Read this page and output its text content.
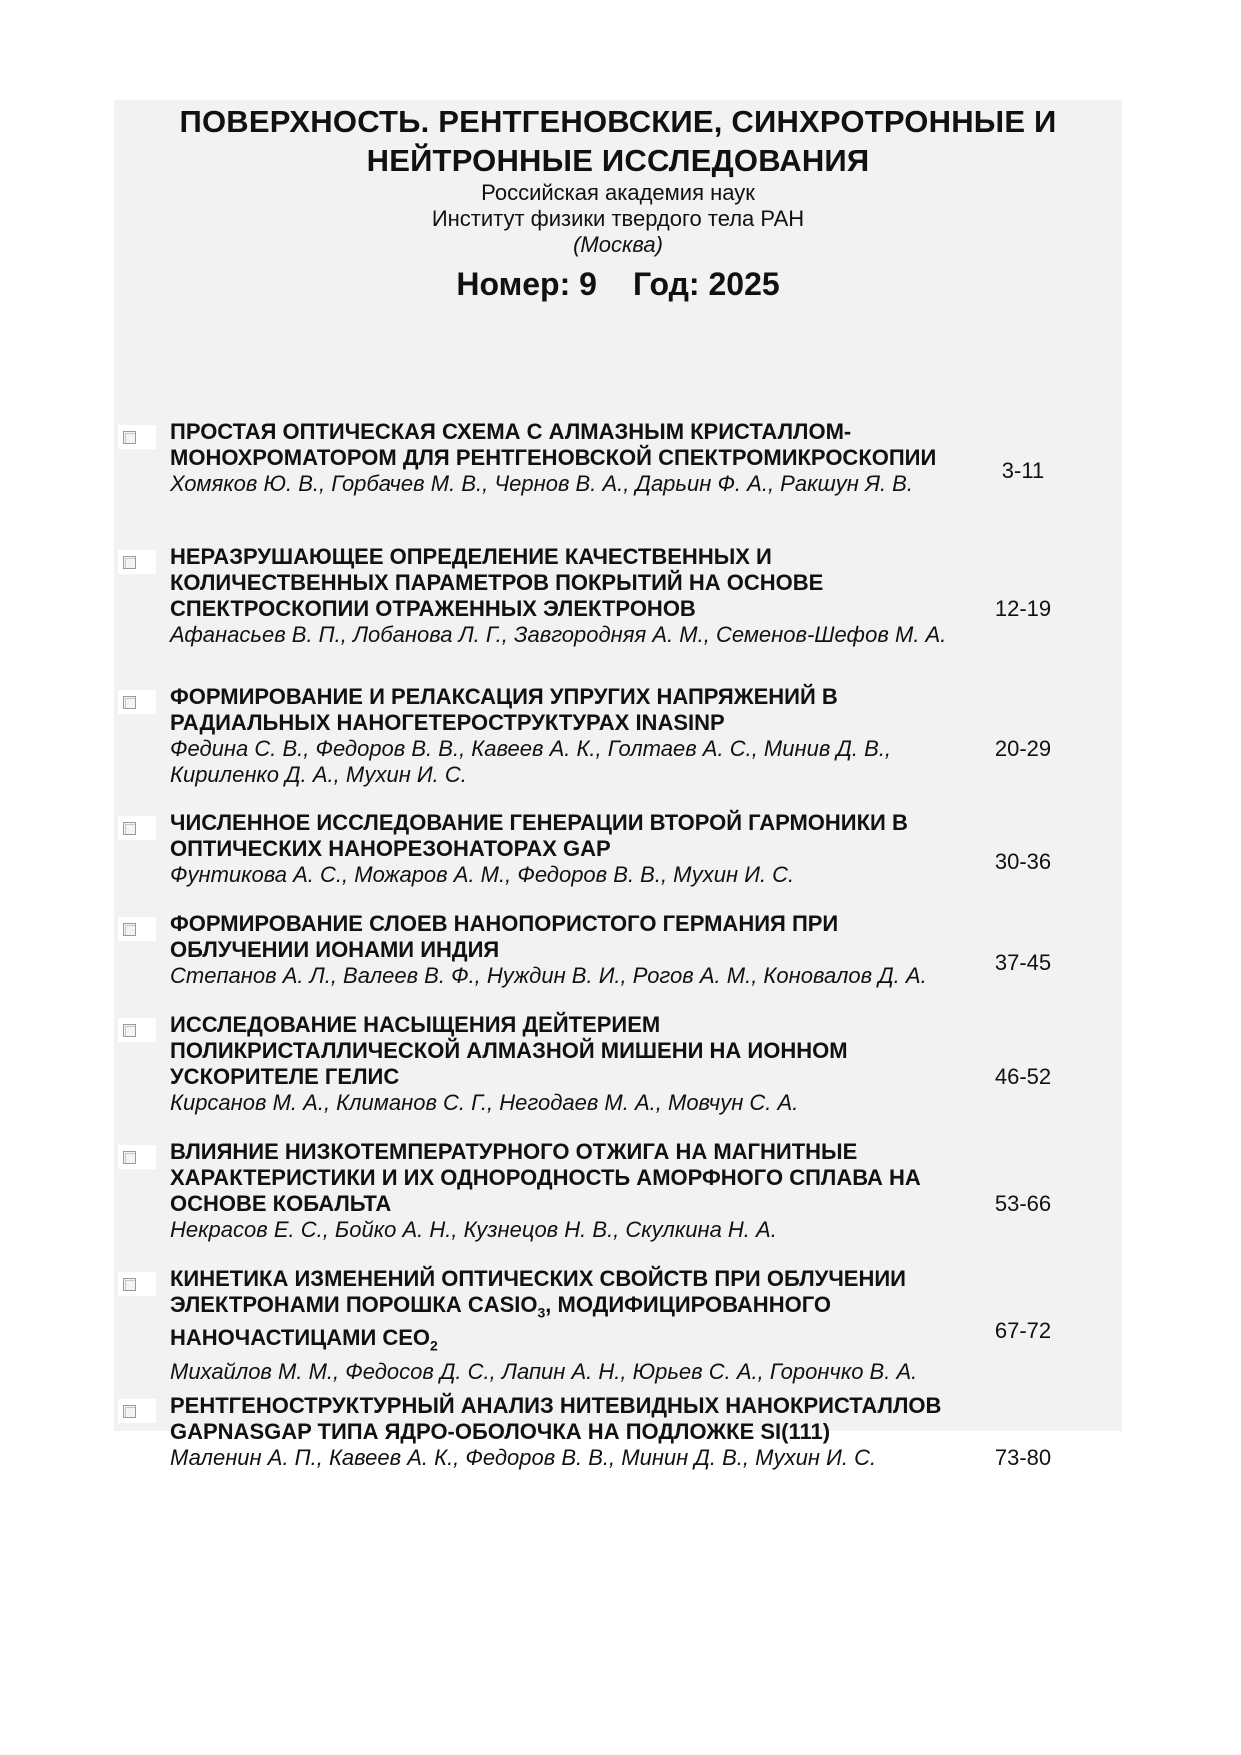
ПОВЕРХНОСТЬ. РЕНТГЕНОВСКИЕ, СИНХРОТРОННЫЕ И
НЕЙТРОННЫЕ ИССЛЕДОВАНИЯ

Российская академия наук

Институт физики твердого тела РАН

(Москва)

Номер: 9 Год: 2025

ПРОСТАЯ ОПТИЧЕСКАЯ СХЕМА С АЛМАЗНЫМ КРИСТАЛЛОМ-МОНОХРОМАТОРОМ ДЛЯ РЕНТГЕНОВСКОЙ СПЕКТРОМИКРОСКОПИИ

Хомяков Ю. В., Горбачев М. В., Чернов В. А., Дарьин Ф. А., Ракшун Я. В.

3-11

НЕРАЗРУШАЮЩЕЕ ОПРЕДЕЛЕНИЕ КАЧЕСТВЕННЫХ И КОЛИЧЕСТВЕННЫХ ПАРАМЕТРОВ ПОКРЫТИЙ НА ОСНОВЕ СПЕКТРОСКОПИИ ОТРАЖЕННЫХ ЭЛЕКТРОНОВ

Афанасьев В. П., Лобанова Л. Г., Завгородняя А. М., Семенов-Шефов М. А.

12-19

ФОРМИРОВАНИЕ И РЕЛАКСАЦИЯ УПРУГИХ НАПРЯЖЕНИЙ В РАДИАЛЬНЫХ НАНОГЕТЕРОСТРУКТУРАХ INASINP

Федина С. В., Федоров В. В., Кавеев А. К., Голтаев А. С., Минив Д. В., Кириленко Д. А., Мухин И. С.

20-29

ЧИСЛЕННОЕ ИССЛЕДОВАНИЕ ГЕНЕРАЦИИ ВТОРОЙ ГАРМОНИКИ В ОПТИЧЕСКИХ НАНОРЕЗОНАТОРАХ GAP

Фунтикова А. С., Можаров А. М., Федоров В. В., Мухин И. С.

30-36

ФОРМИРОВАНИЕ СЛОЕВ НАНОПОРИСТОГО ГЕРМАНИЯ ПРИ ОБЛУЧЕНИИ ИОНАМИ ИНДИЯ

Степанов А. Л., Валеев В. Ф., Нуждин В. И., Рогов А. М., Коновалов Д. А.

37-45

ИССЛЕДОВАНИЕ НАСЫЩЕНИЯ ДЕЙТЕРИЕМ ПОЛИКРИСТАЛЛИЧЕСКОЙ АЛМАЗНОЙ МИШЕНИ НА ИОННОМ УСКОРИТЕЛЕ ГЕЛИС

Кирсанов М. А., Климанов С. Г., Негодаев М. А., Мовчун С. А.

46-52

ВЛИЯНИЕ НИЗКОТЕМПЕРАТУРНОГО ОТЖИГА НА МАГНИТНЫЕ ХАРАКТЕРИСТИКИ И ИХ ОДНОРОДНОСТЬ АМОРФНОГО СПЛАВА НА ОСНОВЕ КОБАЛЬТА

Некрасов Е. С., Бойко А. Н., Кузнецов Н. В., Скулкина Н. А.

53-66

КИНЕТИКА ИЗМЕНЕНИЙ ОПТИЧЕСКИХ СВОЙСТВ ПРИ ОБЛУЧЕНИИ ЭЛЕКТРОНАМИ ПОРОШКА $CASIO_3$, МОДИФИЦИРОВАННОГО НАНОЧАСТИЦАМИ $CEO_2$

Михайлов М. М., Федосов Д. С., Лапин А. Н., Юрьев С. А., Горончко В. А.

67-72

РЕНТГЕНОСТРУКТУРНЫЙ АНАЛИЗ НИТЕВИДНЫХ НАНОКРИСТАЛЛОВ GAPNASGAP ТИПА ЯДРО-ОБОЛОЧКА НА ПОДЛОЖКЕ SI(111)

Маленин А. П., Кавеев А. К., Федоров В. В., Минин Д. В., Мухин И. С.	73-80
